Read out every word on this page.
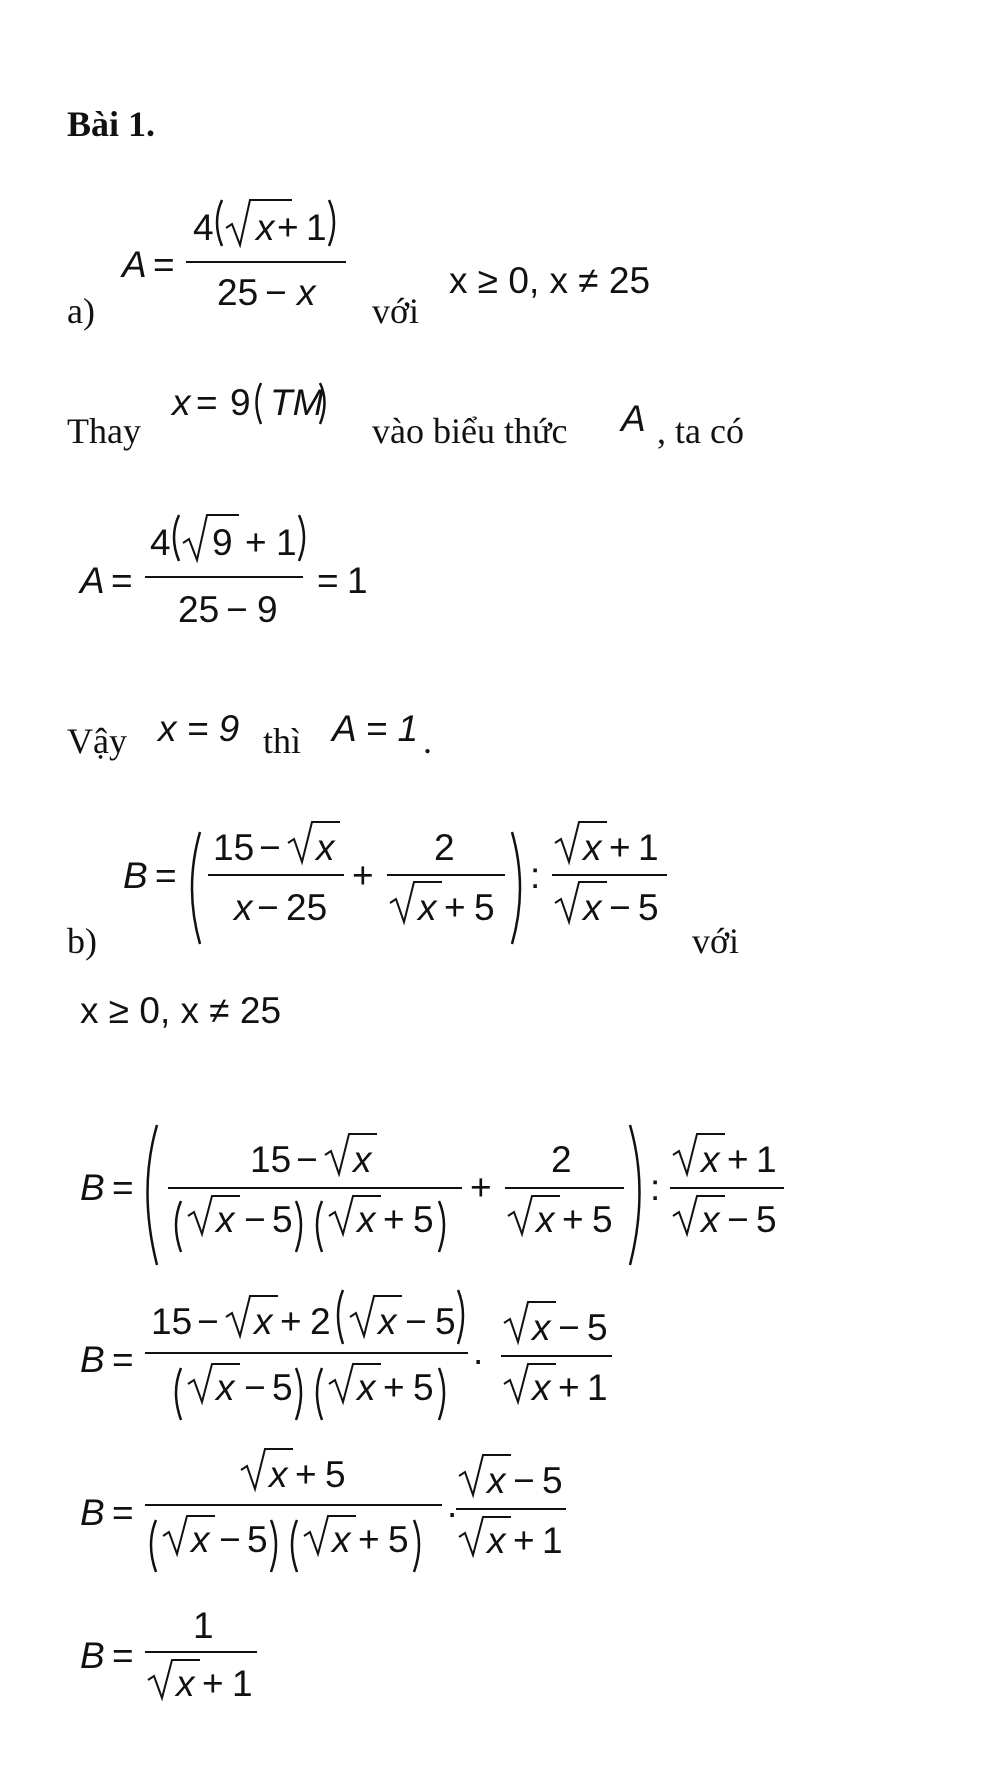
Bài 1.
a)
A =
4 x + 1
25 − x với
x ≥ 0, x ≠ 25
Thay
x = 9 TM
vào biểu thức A , ta có
A =
4 9 + 1
25 − 9
= 1
Vậy x = 9 thì A = 1 .
b)
B =
15 − x
x − 25
+
2
x + 5
:
x + 1
x − 5
với
x ≥ 0, x ≠ 25
B =
15 − x
x − 5 x + 5
+
2
x + 5
:
x + 1
x − 5
B =
15 − x + 2 x − 5
x − 5 x + 5
·
x − 5
x + 1
B =
x + 5
x − 5 x + 5
·
x − 5
x + 1
B =
1
x + 1
